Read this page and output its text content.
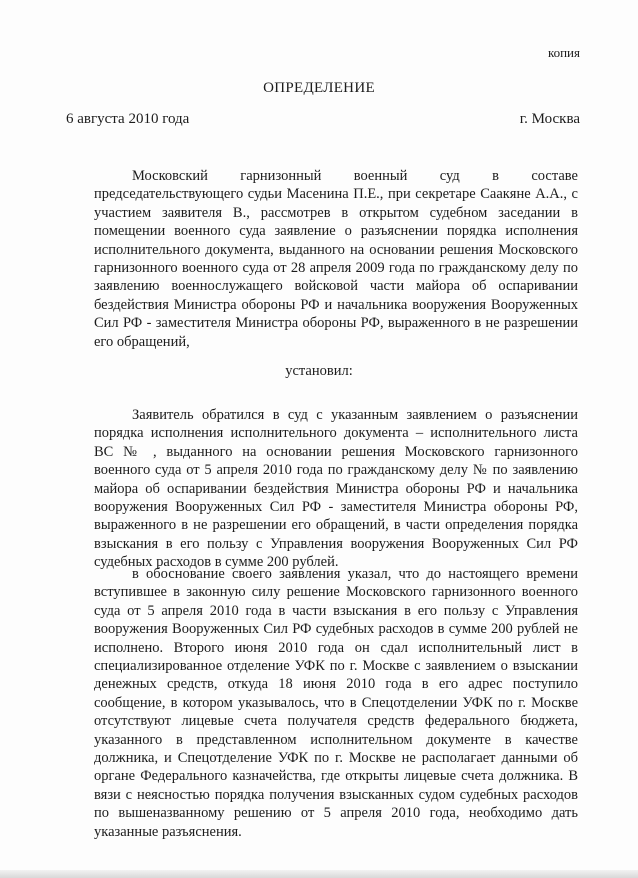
копия
ОПРЕДЕЛЕНИЕ
6 августа 2010 года	г. Москва

Московский гарнизонный военный суд в составе председательствующего судьи Масенина П.Е., при секретаре Саакяне А.А., с участием заявителя В., рассмотрев в открытом судебном заседании в помещении военного суда заявление о разъяснении порядка исполнения исполнительного документа, выданного на основании решения Московского гарнизонного военного суда от 28 апреля 2009 года по гражданскому делу по заявлению военнослужащего войсковой части майора об оспаривании бездействия Министра обороны РФ и начальника вооружения Вооруженных Сил РФ - заместителя Министра обороны РФ, выраженного в не разрешении его обращений,

установил:

Заявитель обратился в суд с указанным заявлением о разъяснении порядка исполнения исполнительного документа – исполнительного листа ВС № , выданного на основании решения Московского гарнизонного военного суда от 5 апреля 2010 года по гражданскому делу № по заявлению майора об оспаривании бездействия Министра обороны РФ и начальника вооружения Вооруженных Сил РФ - заместителя Министра обороны РФ, выраженного в не разрешении его обращений, в части определения порядка взыскания в его пользу с Управления вооружения Вооруженных Сил РФ судебных расходов в сумме 200 рублей.

в обоснование своего заявления указал, что до настоящего времени вступившее в законную силу решение Московского гарнизонного военного суда от 5 апреля 2010 года в части взыскания в его пользу с Управления вооружения Вооруженных Сил РФ судебных расходов в сумме 200 рублей не исполнено. Второго июня 2010 года он сдал исполнительный лист в специализированное отделение УФК по г. Москве с заявлением о взыскании денежных средств, откуда 18 июня 2010 года в его адрес поступило сообщение, в котором указывалось, что в Спецотделении УФК по г. Москве отсутствуют лицевые счета получателя средств федерального бюджета, указанного в представленном исполнительном документе в качестве должника, и Спецотделение УФК по г. Москве не располагает данными об органе Федерального казначейства, где открыты лицевые счета должника. В вязи с неясностью порядка получения взысканных судом судебных расходов по вышеназванному решению от 5 апреля 2010 года, необходимо дать указанные разъяснения.
